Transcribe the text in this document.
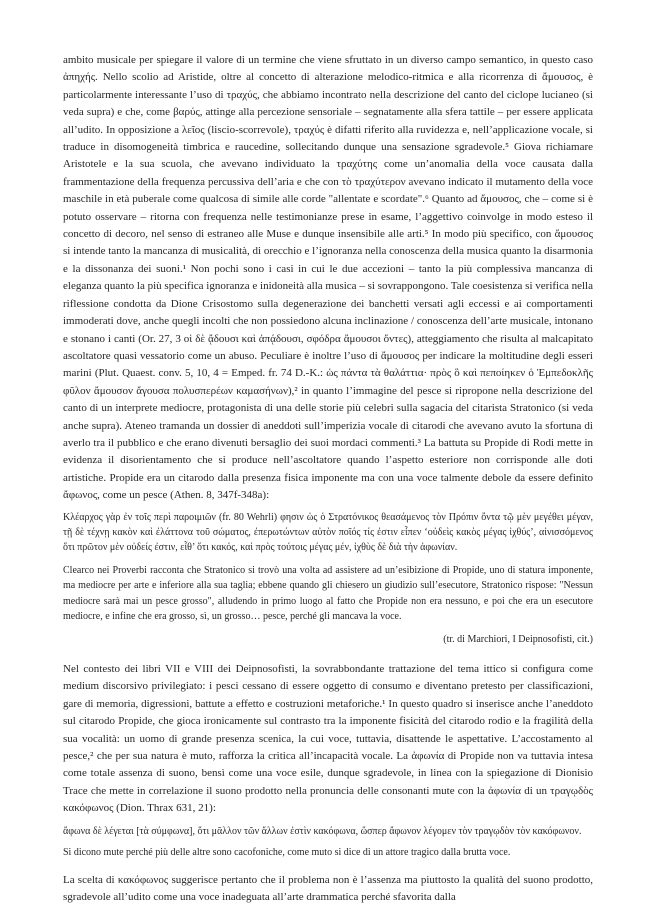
ambito musicale per spiegare il valore di un termine che viene sfruttato in un diverso campo semantico, in questo caso ἀπηχής. Nello scolio ad Aristide, oltre al concetto di alterazione melodico-ritmica e alla ricorrenza di ἄμουσος, è particolarmente interessante l’uso di τραχύς, che abbiamo incontrato nella descrizione del canto del ciclope lucianeo (si veda supra) e che, come βαρύς, attinge alla percezione sensoriale – segnatamente alla sfera tattile – per essere applicata all’udito. In opposizione a λεῖος (liscio-scorrevole), τραχύς è difatti riferito alla ruvidezza e, nell’applicazione vocale, si traduce in disomogeneità timbrica e raucedine, sollecitando dunque una sensazione sgradevole.⁵ Giova richiamare Aristotele e la sua scuola, che avevano individuato la τραχύτης come un’anomalia della voce causata dalla frammentazione della frequenza percussiva dell’aria e che con τὸ τραχύτερον avevano indicato il mutamento della voce maschile in età puberale come qualcosa di simile alle corde "allentate e scordate".⁶ Quanto ad ἄμουσος, che – come si è potuto osservare – ritorna con frequenza nelle testimonianze prese in esame, l’aggettivo coinvolge in modo esteso il concetto di decoro, nel senso di estraneo alle Muse e dunque insensibile alle arti.⁵ In modo più specifico, con ἄμουσος si intende tanto la mancanza di musicalità, di orecchio e l’ignoranza nella conoscenza della musica quanto la disarmonia e la dissonanza dei suoni.¹ Non pochi sono i casi in cui le due accezioni – tanto la più complessiva mancanza di eleganza quanto la più specifica ignoranza e inidoneità alla musica – si sovrappongono. Tale coesistenza si verifica nella riflessione condotta da Dione Crisostomo sulla degenerazione dei banchetti versati agli eccessi e ai comportamenti immoderati dove, anche quegli incolti che non possiedono alcuna inclinazione / conoscenza dell’arte musicale, intonano e stonano i canti (Or. 27, 3 οἱ δὲ ᾄδουσι καὶ ἀπᾴδουσι, σφόδρα ἄμουσοι ὄντες), atteggiamento che risulta al malcapitato ascoltatore quasi vessatorio come un abuso. Peculiare è inoltre l’uso di ἄμουσος per indicare la moltitudine degli esseri marini (Plut. Quaest. conv. 5, 10, 4 = Emped. fr. 74 D.-K.: ὡς πάντα τὰ θαλάττια· πρὸς ὃ καὶ πεποίηκεν ὁ Ἐμπεδοκλῆς φῦλον ἄμουσον ἄγουσα πολυσπερέων καμασήνων),² in quanto l’immagine del pesce si ripropone nella descrizione del canto di un interprete mediocre, protagonista di una delle storie più celebri sulla sagacia del citarista Stratonico (si veda anche supra). Ateneo tramanda un dossier di aneddoti sull’imperizia vocale di citarodi che avevano avuto la sfortuna di averlo tra il pubblico e che erano divenuti bersaglio dei suoi mordaci commenti.³ La battuta su Propide di Rodi mette in evidenza il disorientamento che si produce nell’ascoltatore quando l’aspetto esteriore non corrisponde alle doti artistiche. Propide era un citarodo dalla presenza fisica imponente ma con una voce talmente debole da essere definito ἄφωνος, come un pesce (Athen. 8, 347f-348a):

Κλέαρχος γὰρ ἐν τοῖς περὶ παροιμιῶν (fr. 80 Wehrli) φησιν ὡς ὁ Στρατόνικος θεασάμενος τὸν Πρόπιν ὄντα τῷ μὲν μεγέθει μέγαν, τῇ δὲ τέχνῃ κακὸν καὶ ἐλάττονα τοῦ σώματος, ἐπερωτώντων αὐτὸν ποῖός τίς ἐστιν εἶπεν ‘οὐδεὶς κακὸς μέγας ἰχθύς’, αἰνισσόμενος ὅτι πρῶτον μὲν οὐδείς ἐστιν, εἶθ’ ὅτι κακός, καὶ πρὸς τούτοις μέγας μέν, ἰχθὺς δὲ διὰ τὴν ἀφωνίαν.

Clearco nei Proverbi racconta che Stratonico si trovò una volta ad assistere ad un’esibizione di Propide, uno di statura imponente, ma mediocre per arte e inferiore alla sua taglia; ebbene quando gli chiesero un giudizio sull’esecutore, Stratonico rispose: "Nessun mediocre sarà mai un pesce grosso", alludendo in primo luogo al fatto che Propide non era nessuno, e poi che era un esecutore mediocre, e infine che era grosso, sì, un grosso… pesce, perché gli mancava la voce.

(tr. di Marchiori, I Deipnosofisti, cit.)

Nel contesto dei libri VII e VIII dei Deipnosofisti, la sovrabbondante trattazione del tema ittico si configura come medium discorsivo privilegiato: i pesci cessano di essere oggetto di consumo e diventano pretesto per classificazioni, gare di memoria, digressioni, battute a effetto e costruzioni metaforiche.¹ In questo quadro si inserisce anche l’aneddoto sul citarodo Propide, che gioca ironicamente sul contrasto tra la imponente fisicità del citarodo rodio e la fragilità della sua vocalità: un uomo di grande presenza scenica, la cui voce, tuttavia, disattende le aspettative. L’accostamento al pesce,² che per sua natura è muto, rafforza la critica all’incapacità vocale. La ἀφωνία di Propide non va tuttavia intesa come totale assenza di suono, bensì come una voce esile, dunque sgradevole, in linea con la spiegazione di Dionisio Trace che mette in correlazione il suono prodotto nella pronuncia delle consonanti mute con la ἀφωνία di un τραγῳδὸς κακόφωνος (Dion. Thrax 631, 21):

ἄφωνα δὲ λέγεται [τὰ σύμφωνα], ὅτι μᾶλλον τῶν ἄλλων ἐστὶν κακόφωνα, ὥσπερ ἄφωνον λέγομεν τὸν τραγῳδὸν τὸν κακόφωνον.

Si dicono mute perché più delle altre sono cacofoniche, come muto si dice di un attore tragico dalla brutta voce.

La scelta di κακόφωνος suggerisce pertanto che il problema non è l’assenza ma piuttosto la qualità del suono prodotto, sgradevole all’udito come una voce inadeguata all’arte drammatica perché sfavorita dalla
